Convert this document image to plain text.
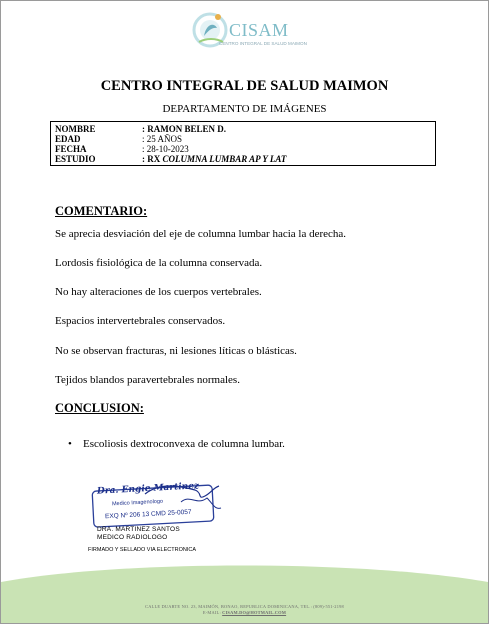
CISAM
CENTRO INTEGRAL DE SALUD MAIMON
CENTRO INTEGRAL DE SALUD MAIMON
DEPARTAMENTO DE IMÁGENES
NOMBRE	: RAMON BELEN D.
EDAD	: 25 AÑOS
FECHA	: 28-10-2023
ESTUDIO	: RX COLUMNA LUMBAR AP Y LAT
COMENTARIO:
Se aprecia desviación del eje de columna lumbar hacia la derecha.
Lordosis fisiológica de la columna conservada.
No hay alteraciones de los cuerpos vertebrales.
Espacios intervertebrales conservados.
No se observan fracturas, ni lesiones líticas o blásticas.
Tejidos blandos paravertebrales normales.
CONCLUSION:
• Escoliosis dextroconvexa de columna lumbar.
Dra. Engie Martinez
Medico Imagenologo
EXQ Nº 206 13 CMD 25-0057
DRA. MARTINEZ SANTOS
MEDICO RADIOLOGO
FIRMADO Y SELLADO VIA ELECTRONICA
CALLE DUARTE NO. 23, MAIMÓN, BONAO, REPUBLICA DOMINICANA, TEL.: (809)-551-2198
E-MAIL: CISAM.DO@HOTMAIL.COM
